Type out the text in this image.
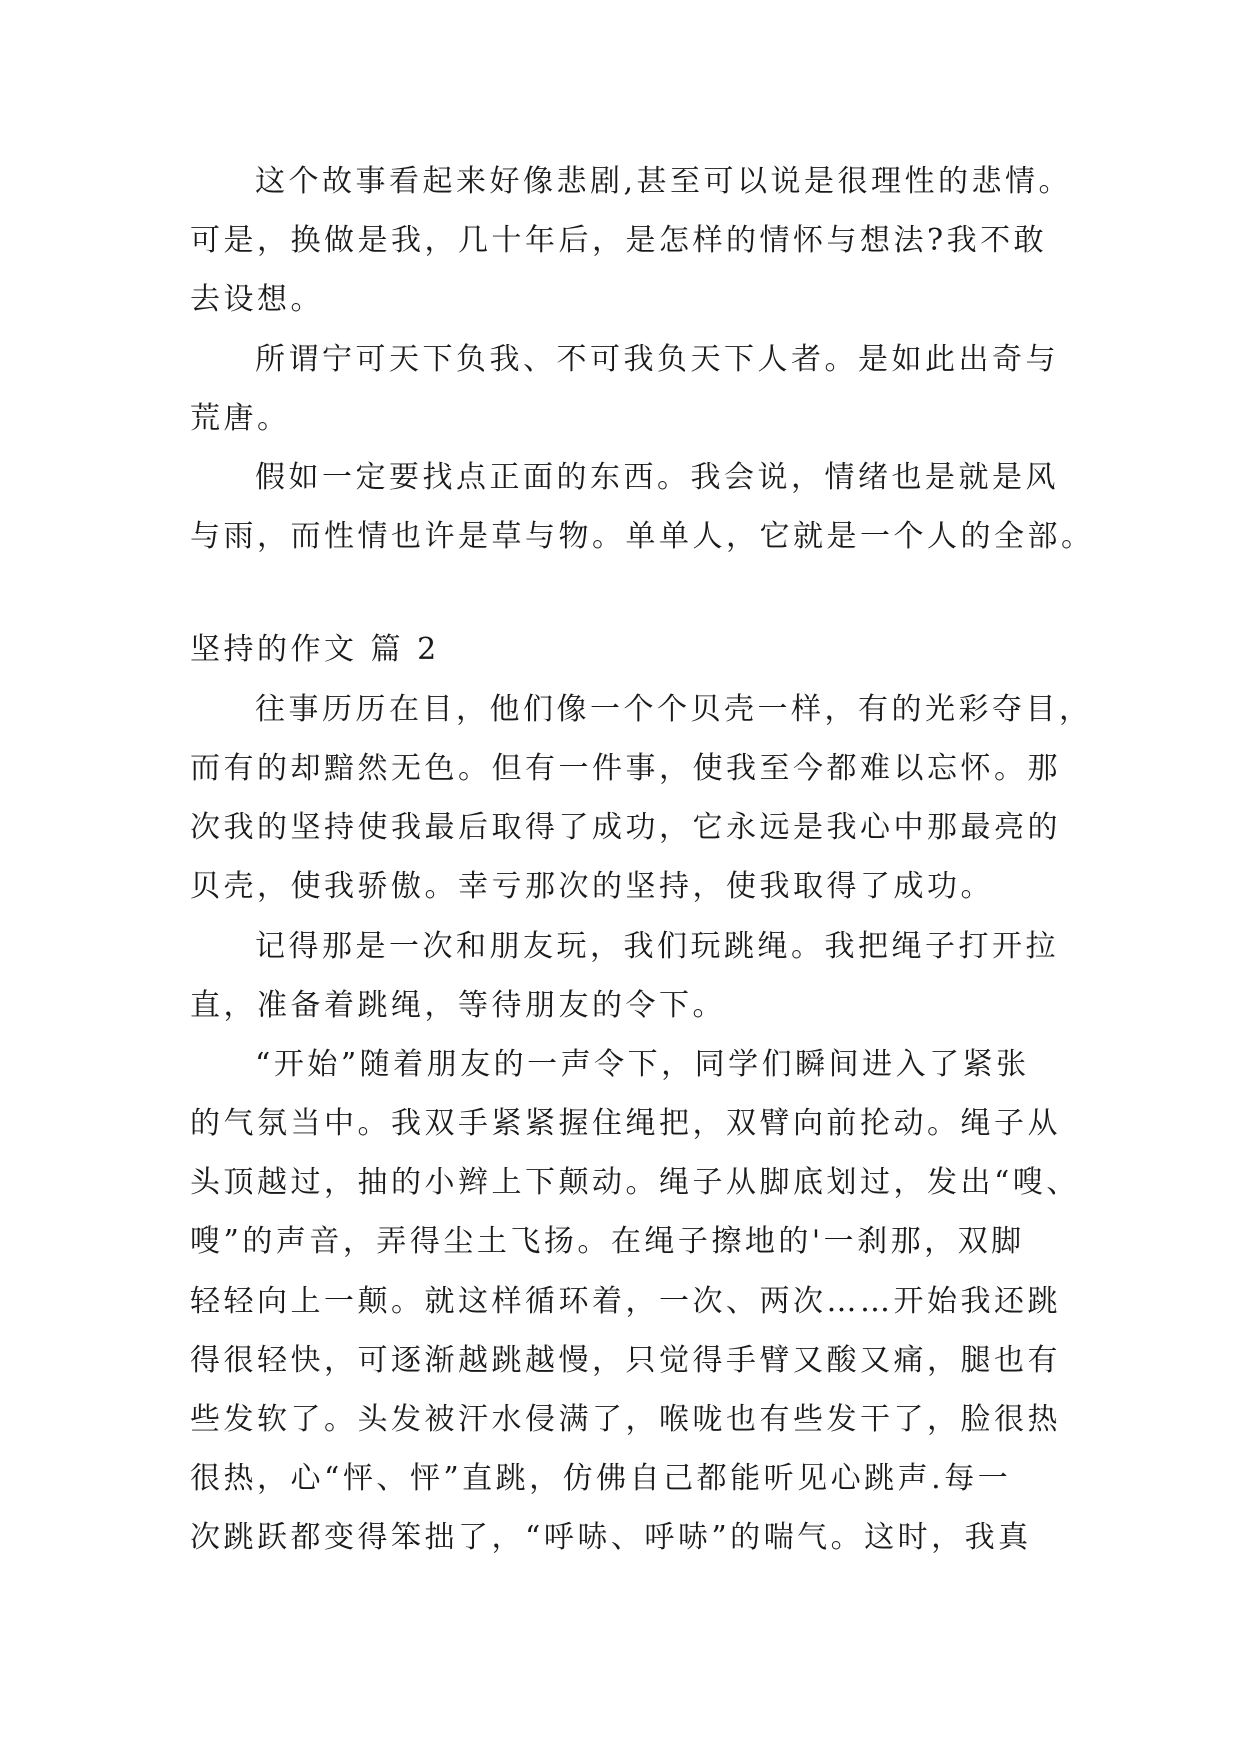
这个故事看起来好像悲剧,甚至可以说是很理性的悲情。
可是，换做是我，几十年后，是怎样的情怀与想法?我不敢
去设想。
所谓宁可天下负我、不可我负天下人者。是如此出奇与
荒唐。
假如一定要找点正面的东西。我会说，情绪也是就是风
与雨，而性情也许是草与物。单单人，它就是一个人的全部。
坚持的作文 篇 2
往事历历在目，他们像一个个贝壳一样，有的光彩夺目，
而有的却黯然无色。但有一件事，使我至今都难以忘怀。那
次我的坚持使我最后取得了成功，它永远是我心中那最亮的
贝壳，使我骄傲。幸亏那次的坚持，使我取得了成功。
记得那是一次和朋友玩，我们玩跳绳。我把绳子打开拉
直，准备着跳绳，等待朋友的令下。
“开始”随着朋友的一声令下，同学们瞬间进入了紧张
的气氛当中。我双手紧紧握住绳把，双臂向前抡动。绳子从
头顶越过，抽的小辫上下颠动。绳子从脚底划过，发出“嗖、
嗖”的声音，弄得尘土飞扬。在绳子擦地的'一刹那，双脚
轻轻向上一颠。就这样循环着，一次、两次……开始我还跳
得很轻快，可逐渐越跳越慢，只觉得手臂又酸又痛，腿也有
些发软了。头发被汗水侵满了，喉咙也有些发干了，脸很热
很热，心“怦、怦”直跳，仿佛自己都能听见心跳声.每一
次跳跃都变得笨拙了，“呼哧、呼哧”的喘气。这时，我真
